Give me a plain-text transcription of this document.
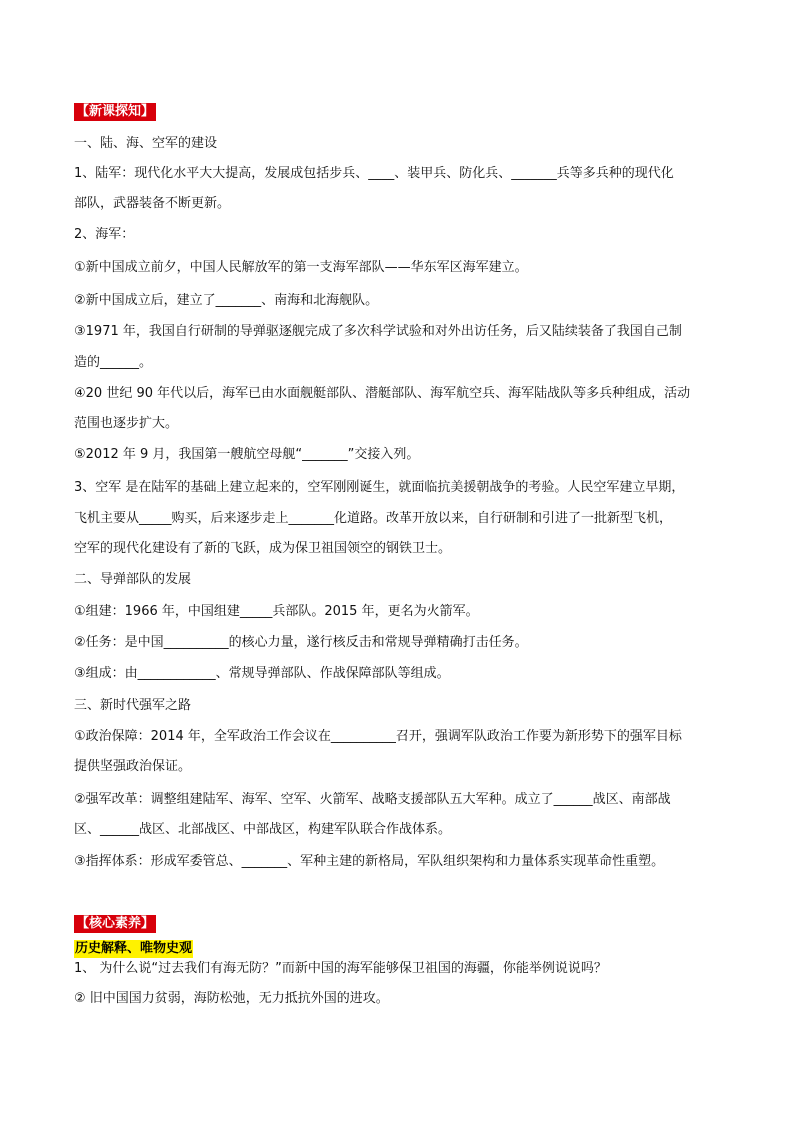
【新课探知】
一、陆、海、空军的建设
1、陆军：现代化水平大大提高，发展成包括步兵、____、装甲兵、防化兵、_______兵等多兵种的现代化
部队，武器装备不断更新。
2、海军：
①新中国成立前夕，中国人民解放军的第一支海军部队——华东军区海军建立。
②新中国成立后，建立了_______、南海和北海舰队。
③1971 年，我国自行研制的导弹驱逐舰完成了多次科学试验和对外出访任务，后又陆续装备了我国自己制
造的______。
④20 世纪 90 年代以后，海军已由水面舰艇部队、潜艇部队、海军航空兵、海军陆战队等多兵种组成，活动
范围也逐步扩大。
⑤2012 年 9 月，我国第一艘航空母舰“_______”交接入列。
3、空军 是在陆军的基础上建立起来的，空军刚刚诞生，就面临抗美援朝战争的考验。人民空军建立早期，
飞机主要从_____购买，后来逐步走上_______化道路。改革开放以来，自行研制和引进了一批新型飞机，
空军的现代化建设有了新的飞跃，成为保卫祖国领空的钢铁卫士。
二、导弹部队的发展
①组建：1966 年，中国组建_____兵部队。2015 年，更名为火箭军。
②任务：是中国__________的核心力量，遂行核反击和常规导弹精确打击任务。
③组成：由____________、常规导弹部队、作战保障部队等组成。
三、新时代强军之路
①政治保障：2014 年，全军政治工作会议在__________召开，强调军队政治工作要为新形势下的强军目标
提供坚强政治保证。
②强军改革：调整组建陆军、海军、空军、火箭军、战略支援部队五大军种。成立了______战区、南部战
区、______战区、北部战区、中部战区，构建军队联合作战体系。
③指挥体系：形成军委管总、_______、军种主建的新格局，军队组织架构和力量体系实现革命性重塑。
【核心素养】
历史解释、唯物史观
1、 为什么说“过去我们有海无防？”而新中国的海军能够保卫祖国的海疆，你能举例说说吗？
② 旧中国国力贫弱，海防松弛，无力抵抗外国的进攻。
